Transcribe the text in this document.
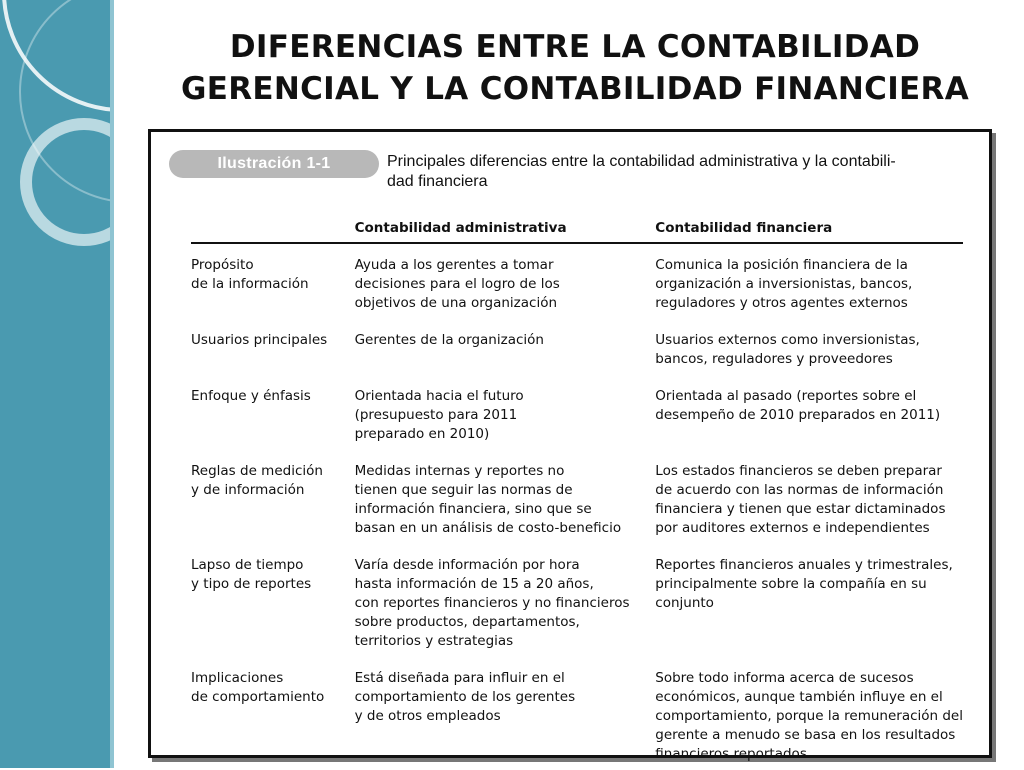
DIFERENCIAS ENTRE LA CONTABILIDAD
GERENCIAL Y LA CONTABILIDAD FINANCIERA
Ilustración 1-1	Principales diferencias entre la contabilidad administrativa y la contabili-
dad financiera

	Contabilidad administrativa	Contabilidad financiera

Propósito
de la información	Ayuda a los gerentes a tomar
decisiones para el logro de los
objetivos de una organización	Comunica la posición financiera de la
organización a inversionistas, bancos,
reguladores y otros agentes externos

Usuarios principales	Gerentes de la organización	Usuarios externos como inversionistas,
bancos, reguladores y proveedores

Enfoque y énfasis	Orientada hacia el futuro
(presupuesto para 2011
preparado en 2010)	Orientada al pasado (reportes sobre el
desempeño de 2010 preparados en 2011)

Reglas de medición
y de información	Medidas internas y reportes no
tienen que seguir las normas de
información financiera, sino que se
basan en un análisis de costo-beneficio	Los estados financieros se deben preparar
de acuerdo con las normas de información
financiera y tienen que estar dictaminados
por auditores externos e independientes

Lapso de tiempo
y tipo de reportes	Varía desde información por hora
hasta información de 15 a 20 años,
con reportes financieros y no financieros
sobre productos, departamentos,
territorios y estrategias	Reportes financieros anuales y trimestrales,
principalmente sobre la compañía en su
conjunto

Implicaciones
de comportamiento	Está diseñada para influir en el
comportamiento de los gerentes
y de otros empleados	Sobre todo informa acerca de sucesos
económicos, aunque también influye en el
comportamiento, porque la remuneración del
gerente a menudo se basa en los resultados
financieros reportados
